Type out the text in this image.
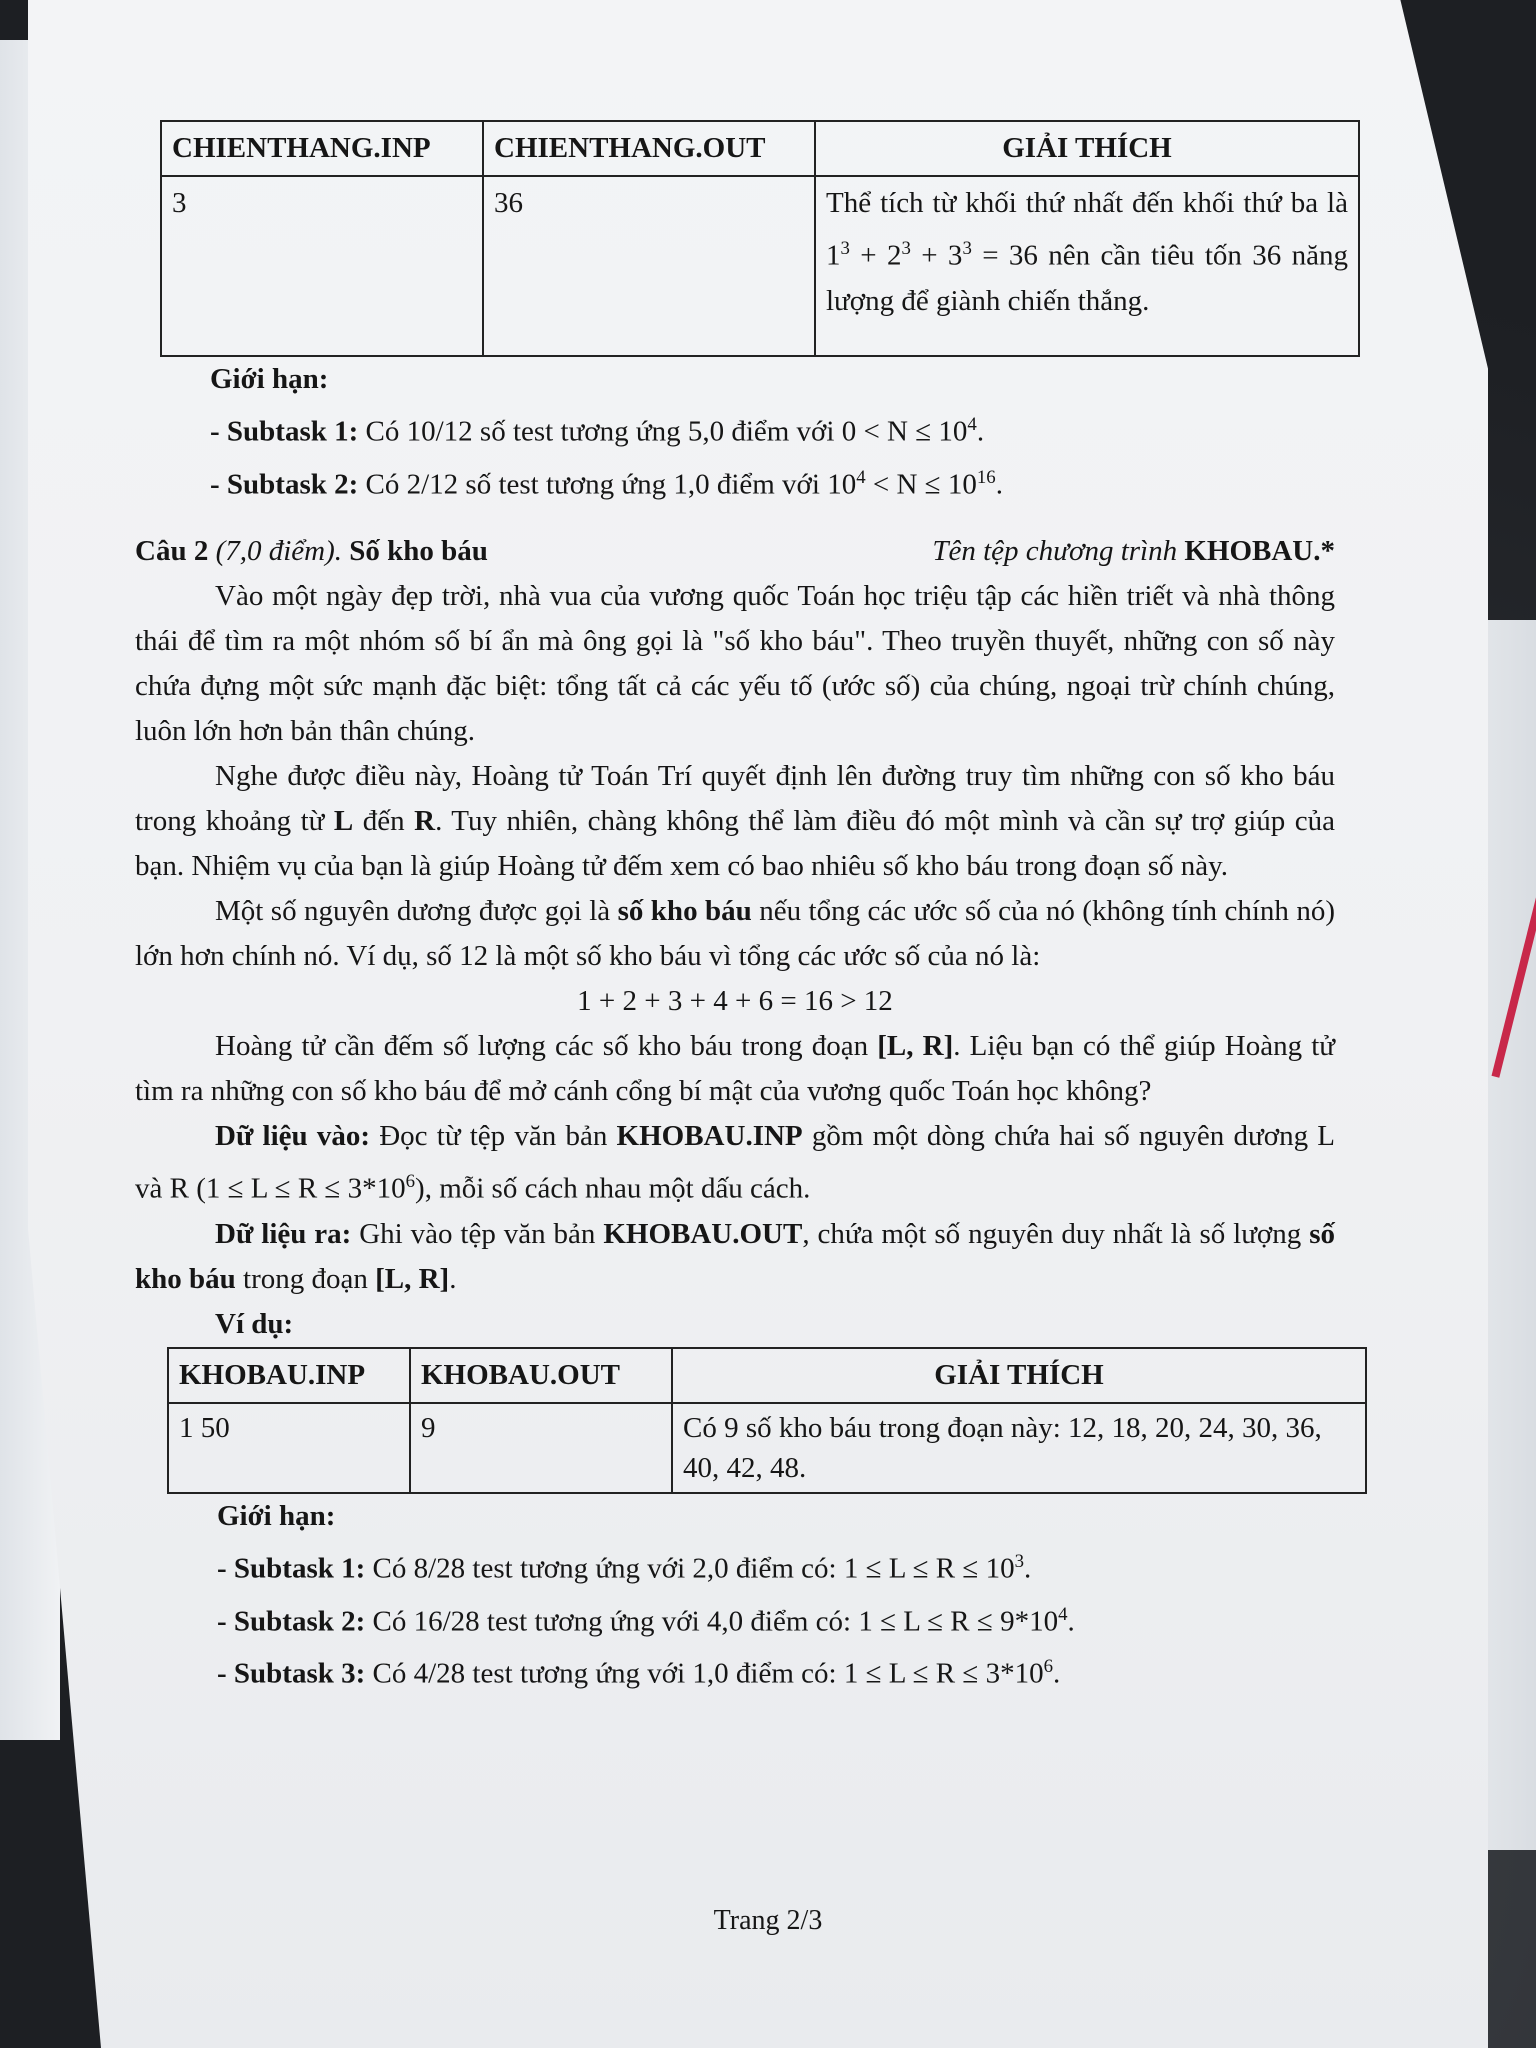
CHIENTHANG.INP	CHIENTHANG.OUT	GIẢI THÍCH
3	36	Thể tích từ khối thứ nhất đến khối thứ ba là $1^3 + 2^3 + 3^3 = 36$ nên cần tiêu tốn 36 năng lượng để giành chiến thắng.

Giới hạn:

- Subtask 1: Có 10/12 số test tương ứng 5,0 điểm với $0 < N \le 10^4$.

- Subtask 2: Có 2/12 số test tương ứng 1,0 điểm với $10^4 < N \le 10^{16}$.

Câu 2 (7,0 điểm). Số kho báu	Tên tệp chương trình KHOBAU.*

Vào một ngày đẹp trời, nhà vua của vương quốc Toán học triệu tập các hiền triết và nhà thông thái để tìm ra một nhóm số bí ẩn mà ông gọi là "số kho báu". Theo truyền thuyết, những con số này chứa đựng một sức mạnh đặc biệt: tổng tất cả các yếu tố (ước số) của chúng, ngoại trừ chính chúng, luôn lớn hơn bản thân chúng.

Nghe được điều này, Hoàng tử Toán Trí quyết định lên đường truy tìm những con số kho báu trong khoảng từ L đến R. Tuy nhiên, chàng không thể làm điều đó một mình và cần sự trợ giúp của bạn. Nhiệm vụ của bạn là giúp Hoàng tử đếm xem có bao nhiêu số kho báu trong đoạn số này.

Một số nguyên dương được gọi là số kho báu nếu tổng các ước số của nó (không tính chính nó) lớn hơn chính nó. Ví dụ, số 12 là một số kho báu vì tổng các ước số của nó là:

1 + 2 + 3 + 4 + 6 = 16 > 12

Hoàng tử cần đếm số lượng các số kho báu trong đoạn [L, R]. Liệu bạn có thể giúp Hoàng tử tìm ra những con số kho báu để mở cánh cổng bí mật của vương quốc Toán học không?

Dữ liệu vào: Đọc từ tệp văn bản KHOBAU.INP gồm một dòng chứa hai số nguyên dương L và R $(1 \le L \le R \le 3*10^6)$, mỗi số cách nhau một dấu cách.

Dữ liệu ra: Ghi vào tệp văn bản KHOBAU.OUT, chứa một số nguyên duy nhất là số lượng số kho báu trong đoạn [L, R].

Ví dụ:

KHOBAU.INP	KHOBAU.OUT	GIẢI THÍCH
1 50	9	Có 9 số kho báu trong đoạn này: 12, 18, 20, 24, 30, 36, 40, 42, 48.

Giới hạn:

- Subtask 1: Có 8/28 test tương ứng với 2,0 điểm có: $1 \le L \le R \le 10^3$.

- Subtask 2: Có 16/28 test tương ứng với 4,0 điểm có: $1 \le L \le R \le 9*10^4$.

- Subtask 3: Có 4/28 test tương ứng với 1,0 điểm có: $1 \le L \le R \le 3*10^6$.

Trang 2/3
